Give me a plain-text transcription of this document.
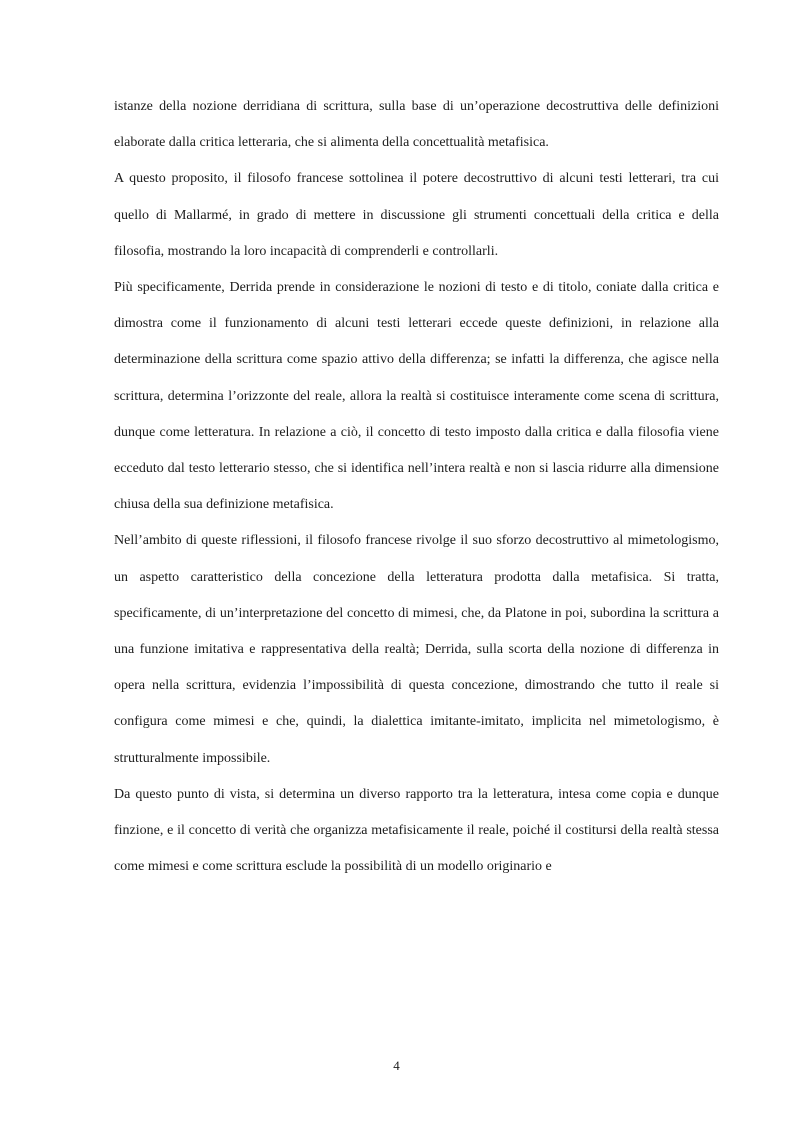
istanze della nozione derridiana di scrittura, sulla base di un’operazione decostruttiva delle definizioni elaborate dalla critica letteraria, che si alimenta della concettualità metafisica.

A questo proposito, il filosofo francese sottolinea il potere decostruttivo di alcuni testi letterari, tra cui quello di Mallarmé, in grado di mettere in discussione gli strumenti concettuali della critica e della filosofia, mostrando la loro incapacità di comprenderli e controllarli.

Più specificamente, Derrida prende in considerazione le nozioni di testo e di titolo, coniate dalla critica e dimostra come il funzionamento di alcuni testi letterari eccede queste definizioni, in relazione alla determinazione della scrittura come spazio attivo della differenza; se infatti la differenza, che agisce nella scrittura, determina l’orizzonte del reale, allora la realtà si costituisce interamente come scena di scrittura, dunque come letteratura. In relazione a ciò, il concetto di testo imposto dalla critica e dalla filosofia viene ecceduto dal testo letterario stesso, che si identifica nell’intera realtà e non si lascia ridurre alla dimensione chiusa della sua definizione metafisica.

Nell’ambito di queste riflessioni, il filosofo francese rivolge il suo sforzo decostruttivo al mimetologismo, un aspetto caratteristico della concezione della letteratura prodotta dalla metafisica. Si tratta, specificamente, di un’interpretazione del concetto di mimesi, che, da Platone in poi, subordina la scrittura a una funzione imitativa e rappresentativa della realtà; Derrida, sulla scorta della nozione di differenza in opera nella scrittura, evidenzia l’impossibilità di questa concezione, dimostrando che tutto il reale si configura come mimesi e che, quindi, la dialettica imitante-imitato, implicita nel mimetologismo, è strutturalmente impossibile.

Da questo punto di vista, si determina un diverso rapporto tra la letteratura, intesa come copia e dunque finzione, e il concetto di verità che organizza metafisicamente il reale, poiché il costitursi della realtà stessa come mimesi e come scrittura esclude la possibilità di un modello originario e

4
